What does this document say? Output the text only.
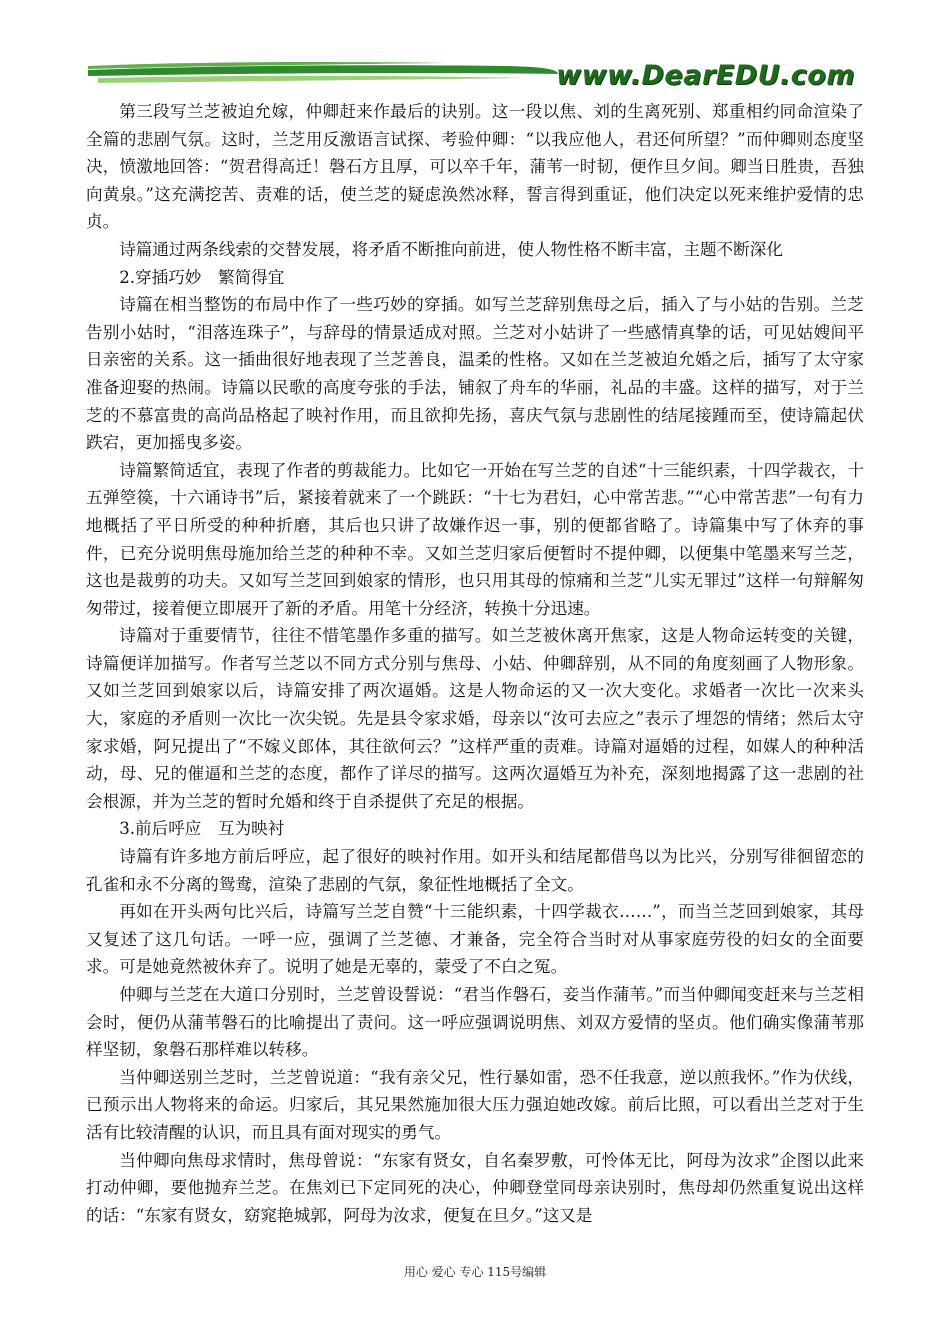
www.DearEDU.com

第三段写兰芝被迫允嫁，仲卿赶来作最后的诀别。这一段以焦、刘的生离死别、郑重相约同命渲染了全篇的悲剧气氛。这时，兰芝用反激语言试探、考验仲卿：“以我应他人，君还何所望？”而仲卿则态度坚决，愤激地回答：“贺君得高迁！磐石方且厚，可以卒千年，蒲苇一时韧，便作旦夕间。卿当日胜贵，吾独向黄泉。”这充满挖苦、责难的话，使兰芝的疑虑涣然冰释，誓言得到重证，他们决定以死来维护爱情的忠贞。

诗篇通过两条线索的交替发展，将矛盾不断推向前进，使人物性格不断丰富，主题不断深化

2.穿插巧妙　繁简得宜

诗篇在相当整饬的布局中作了一些巧妙的穿插。如写兰芝辞别焦母之后，插入了与小姑的告别。兰芝告别小姑时，“泪落连珠子”，与辞母的情景适成对照。兰芝对小姑讲了一些感情真挚的话，可见姑嫂间平日亲密的关系。这一插曲很好地表现了兰芝善良，温柔的性格。又如在兰芝被迫允婚之后，插写了太守家准备迎娶的热闹。诗篇以民歌的高度夸张的手法，铺叙了舟车的华丽，礼品的丰盛。这样的描写，对于兰芝的不慕富贵的高尚品格起了映衬作用，而且欲抑先扬，喜庆气氛与悲剧性的结尾接踵而至，使诗篇起伏跌宕，更加摇曳多姿。

诗篇繁简适宜，表现了作者的剪裁能力。比如它一开始在写兰芝的自述“十三能织素，十四学裁衣，十五弹箜篌，十六诵诗书”后，紧接着就来了一个跳跃：“十七为君妇，心中常苦悲。”“心中常苦悲”一句有力地概括了平日所受的种种折磨，其后也只讲了故嫌作迟一事，别的便都省略了。诗篇集中写了休弃的事件，已充分说明焦母施加给兰芝的种种不幸。又如兰芝归家后便暂时不提仲卿，以便集中笔墨来写兰芝，这也是裁剪的功夫。又如写兰芝回到娘家的情形，也只用其母的惊痛和兰芝“儿实无罪过”这样一句辩解匆匆带过，接着便立即展开了新的矛盾。用笔十分经济，转换十分迅速。

诗篇对于重要情节，往往不惜笔墨作多重的描写。如兰芝被休离开焦家，这是人物命运转变的关键，诗篇便详加描写。作者写兰芝以不同方式分别与焦母、小姑、仲卿辞别，从不同的角度刻画了人物形象。又如兰芝回到娘家以后，诗篇安排了两次逼婚。这是人物命运的又一次大变化。求婚者一次比一次来头大，家庭的矛盾则一次比一次尖锐。先是县令家求婚，母亲以“汝可去应之”表示了埋怨的情绪；然后太守家求婚，阿兄提出了“不嫁义郎体，其往欲何云？”这样严重的责难。诗篇对逼婚的过程，如媒人的种种活动，母、兄的催逼和兰芝的态度，都作了详尽的描写。这两次逼婚互为补充，深刻地揭露了这一悲剧的社会根源，并为兰芝的暂时允婚和终于自杀提供了充足的根据。

3.前后呼应　互为映衬

诗篇有许多地方前后呼应，起了很好的映衬作用。如开头和结尾都借鸟以为比兴，分别写徘徊留恋的孔雀和永不分离的鸳鸯，渲染了悲剧的气氛，象征性地概括了全文。

再如在开头两句比兴后，诗篇写兰芝自赞“十三能织素，十四学裁衣……”，而当兰芝回到娘家，其母又复述了这几句话。一呼一应，强调了兰芝德、才兼备，完全符合当时对从事家庭劳役的妇女的全面要求。可是她竟然被休弃了。说明了她是无辜的，蒙受了不白之冤。

仲卿与兰芝在大道口分别时，兰芝曾设誓说：“君当作磐石，妾当作蒲苇。”而当仲卿闻变赶来与兰芝相会时，便仍从蒲苇磐石的比喻提出了责问。这一呼应强调说明焦、刘双方爱情的坚贞。他们确实像蒲苇那样坚韧，象磐石那样难以转移。

当仲卿送别兰芝时，兰芝曾说道：“我有亲父兄，性行暴如雷，恐不任我意，逆以煎我怀。”作为伏线，已预示出人物将来的命运。归家后，其兄果然施加很大压力强迫她改嫁。前后比照，可以看出兰芝对于生活有比较清醒的认识，而且具有面对现实的勇气。

当仲卿向焦母求情时，焦母曾说：“东家有贤女，自名秦罗敷，可怜体无比，阿母为汝求”企图以此来打动仲卿，要他抛弃兰芝。在焦刘已下定同死的决心，仲卿登堂同母亲诀别时，焦母却仍然重复说出这样的话：“东家有贤女，窈窕艳城郭，阿母为汝求，便复在旦夕。”这又是

用心 爱心 专心 115号编辑
